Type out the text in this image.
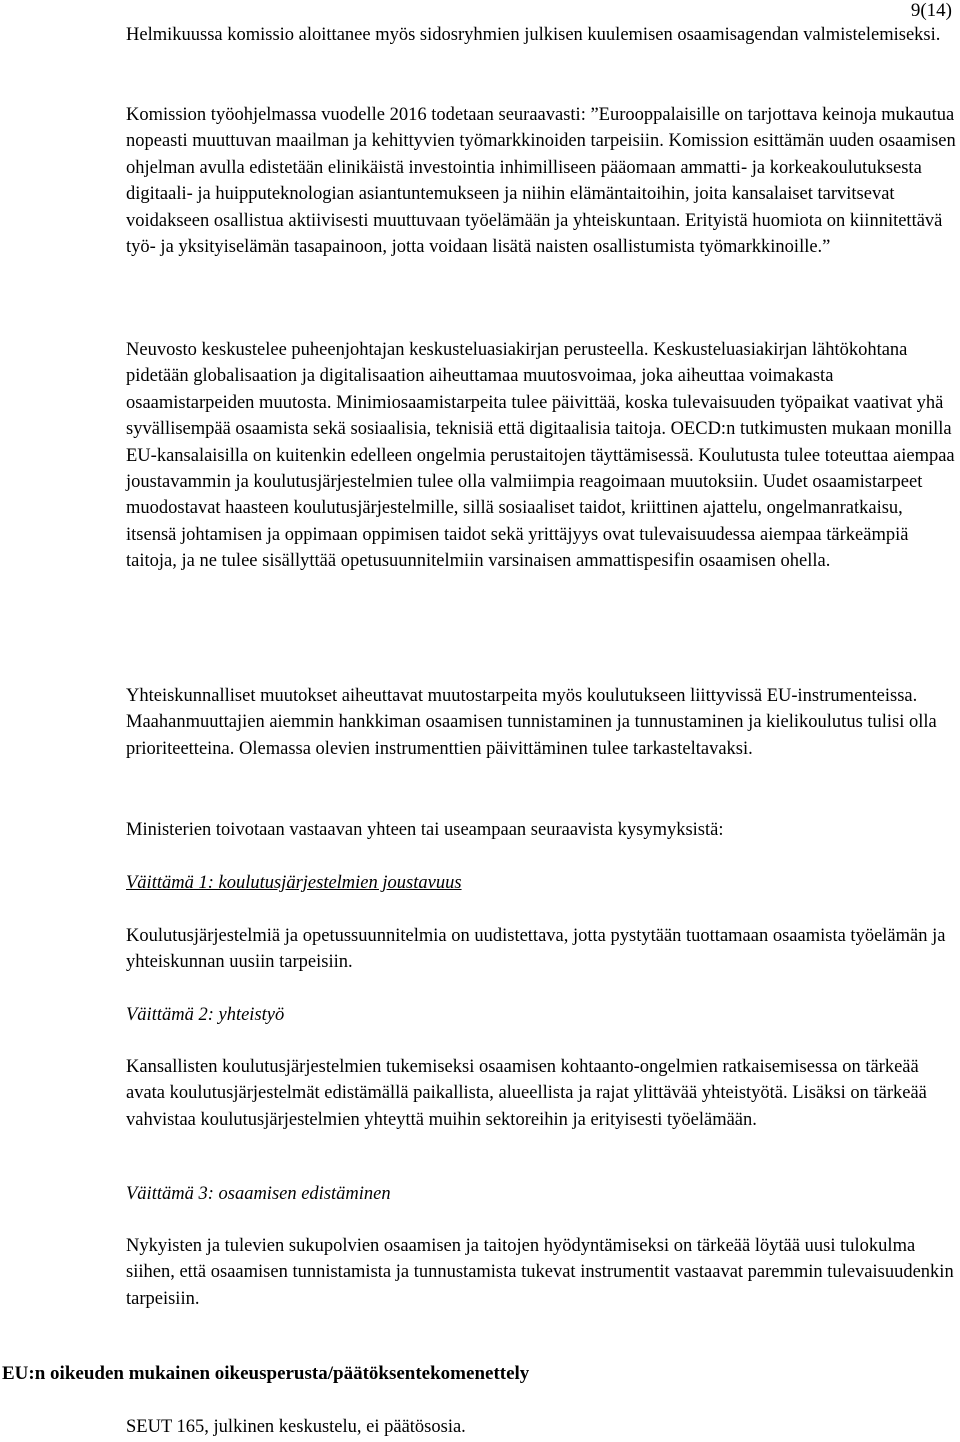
9(14)

Helmikuussa komissio aloittanee myös sidosryhmien julkisen kuulemisen osaamisagendan valmistelemiseksi.

Komission työohjelmassa vuodelle 2016 todetaan seuraavasti: ”Eurooppalaisille on tarjottava keinoja mukautua nopeasti muuttuvan maailman ja kehittyvien työmarkkinoiden tarpeisiin. Komission esittämän uuden osaamisen ohjelman avulla edistetään elinikäistä investointia inhimilliseen pääomaan ammatti- ja korkeakoulutuksesta digitaali- ja huipputeknologian asiantuntemukseen ja niihin elämäntaitoihin, joita kansalaiset tarvitsevat voidakseen osallistua aktiivisesti muuttuvaan työelämään ja yhteiskuntaan. Erityistä huomiota on kiinnitettävä työ- ja yksityiselämän tasapainoon, jotta voidaan lisätä naisten osallistumista työmarkkinoille.”

Neuvosto keskustelee puheenjohtajan keskusteluasiakirjan perusteella. Keskusteluasiakirjan lähtökohtana pidetään globalisaation ja digitalisaation aiheuttamaa muutosvoimaa, joka aiheuttaa voimakasta osaamistarpeiden muutosta. Minimiosaamistarpeita tulee päivittää, koska tulevaisuuden työpaikat vaativat yhä syvällisempää osaamista sekä sosiaalisia, teknisiä että digitaalisia taitoja. OECD:n tutkimusten mukaan monilla EU-kansalaisilla on kuitenkin edelleen ongelmia perustaitojen täyttämisessä. Koulutusta tulee toteuttaa aiempaa joustavammin ja koulutusjärjestelmien tulee olla valmiimpia reagoimaan muutoksiin. Uudet osaamistarpeet muodostavat haasteen koulutusjärjestelmille, sillä sosiaaliset taidot, kriittinen ajattelu, ongelmanratkaisu, itsensä johtamisen ja oppimaan oppimisen taidot sekä yrittäjyys ovat tulevaisuudessa aiempaa tärkeämpiä taitoja, ja ne tulee sisällyttää opetusuunnitelmiin varsinaisen ammattispesifin osaamisen ohella.

Yhteiskunnalliset muutokset aiheuttavat muutostarpeita myös koulutukseen liittyvissä EU-instrumenteissa. Maahanmuuttajien aiemmin hankkiman osaamisen tunnistaminen ja tunnustaminen ja kielikoulutus tulisi olla prioriteetteina. Olemassa olevien instrumenttien päivittäminen tulee tarkasteltavaksi.

Ministerien toivotaan vastaavan yhteen tai useampaan seuraavista kysymyksistä:

Väittämä 1: koulutusjärjestelmien joustavuus

Koulutusjärjestelmiä ja opetussuunnitelmia on uudistettava, jotta pystytään tuottamaan osaamista työelämän ja yhteiskunnan uusiin tarpeisiin.

Väittämä 2: yhteistyö

Kansallisten koulutusjärjestelmien tukemiseksi osaamisen kohtaanto-ongelmien ratkaisemisessa on tärkeää avata koulutusjärjestelmät edistämällä paikallista, alueellista ja rajat ylittävää yhteistyötä. Lisäksi on tärkeää vahvistaa koulutusjärjestelmien yhteyttä muihin sektoreihin ja erityisesti työelämään.

Väittämä 3: osaamisen edistäminen

Nykyisten ja tulevien sukupolvien osaamisen ja taitojen hyödyntämiseksi on tärkeää löytää uusi tulokulma siihen, että osaamisen tunnistamista ja tunnustamista tukevat instrumentit vastaavat paremmin tulevaisuudenkin tarpeisiin.

EU:n oikeuden mukainen oikeusperusta/päätöksentekomenettely

SEUT 165, julkinen keskustelu, ei päätösosia.
